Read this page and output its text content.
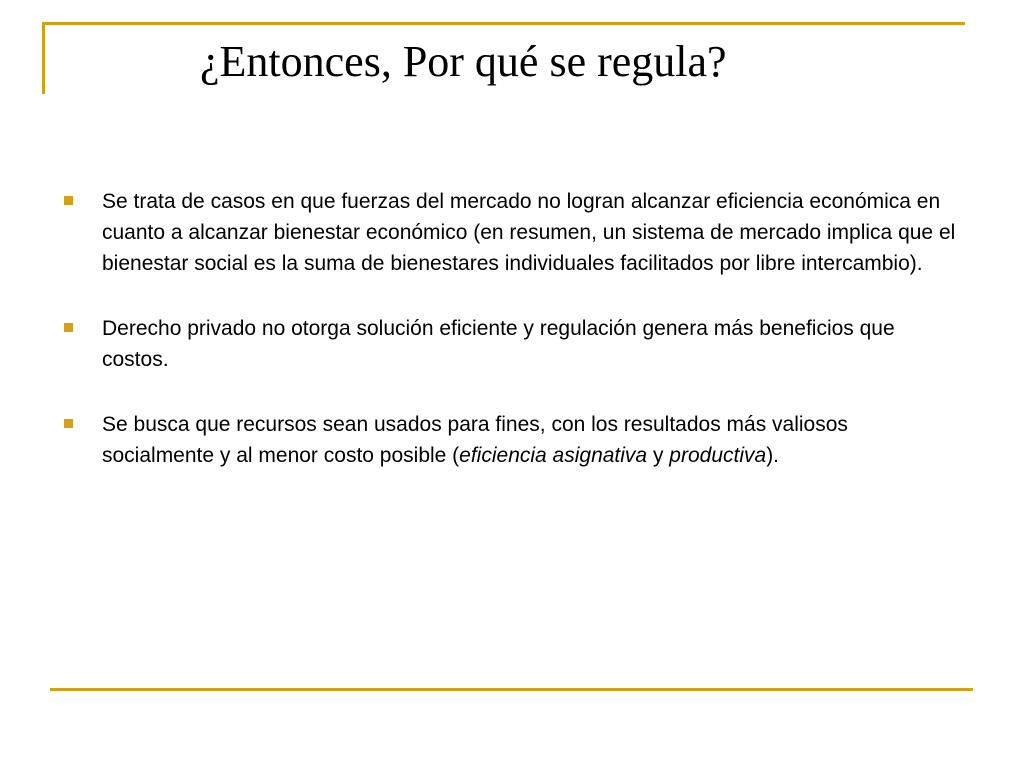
¿Entonces, Por qué se regula?
Se trata de casos en que fuerzas del mercado no logran alcanzar eficiencia económica en cuanto a alcanzar bienestar económico (en resumen, un sistema de mercado implica que el bienestar social es la suma de bienestares individuales facilitados por libre intercambio).
Derecho privado no otorga solución eficiente y regulación genera más beneficios que costos.
Se busca que recursos sean usados para fines, con los resultados más valiosos socialmente y al menor costo posible (eficiencia asignativa y productiva).
